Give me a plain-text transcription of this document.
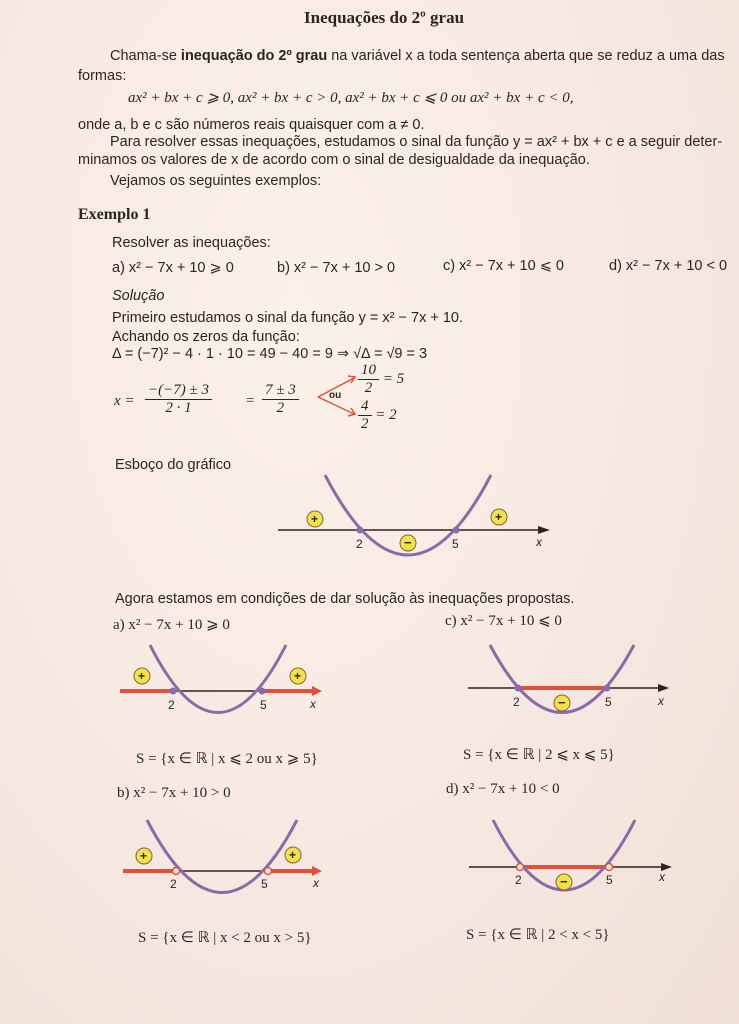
Inequações do 2º grau
Chama-se inequação do 2º grau na variável x a toda sentença aberta que se reduz a uma das
formas:
ax² + bx + c ⩾ 0, ax² + bx + c > 0, ax² + bx + c ⩽ 0 ou ax² + bx + c < 0,
onde a, b e c são números reais quaisquer com a ≠ 0.
Para resolver essas inequações, estudamos o sinal da função y = ax² + bx + c e a seguir deter-
minamos os valores de x de acordo com o sinal de desigualdade da inequação.
Vejamos os seguintes exemplos:
Exemplo 1
Resolver as inequações:
a) x² − 7x + 10 ⩾ 0	b) x² − 7x + 10 > 0	c) x² − 7x + 10 ⩽ 0	d) x² − 7x + 10 < 0
Solução
Primeiro estudamos o sinal da função y = x² − 7x + 10.
Achando os zeros da função:
Δ = (−7)² − 4 · 1 · 10 = 49 − 40 = 9 ⇒ √Δ = √9 = 3
$x = \frac{-(-7) \pm 3}{2 \cdot 1} = \frac{7 \pm 3}{2}$	ou $\frac{10}{2} = 5$
$\frac{4}{2} = 2$
Esboço do gráfico
2	5	x
+	+
−
Agora estamos em condições de dar solução às inequações propostas.
a) x² − 7x + 10 ⩾ 0	c) x² − 7x + 10 ⩽ 0
2	5	x
+	+
2	5	x
−
S = {x ∈ ℝ | x ⩽ 2 ou x ⩾ 5}	S = {x ∈ ℝ | 2 ⩽ x ⩽ 5}
b) x² − 7x + 10 > 0	d) x² − 7x + 10 < 0
2	5	x
+	+
2	5	x
−
S = {x ∈ ℝ | x < 2 ou x > 5}	S = {x ∈ ℝ | 2 < x < 5}
